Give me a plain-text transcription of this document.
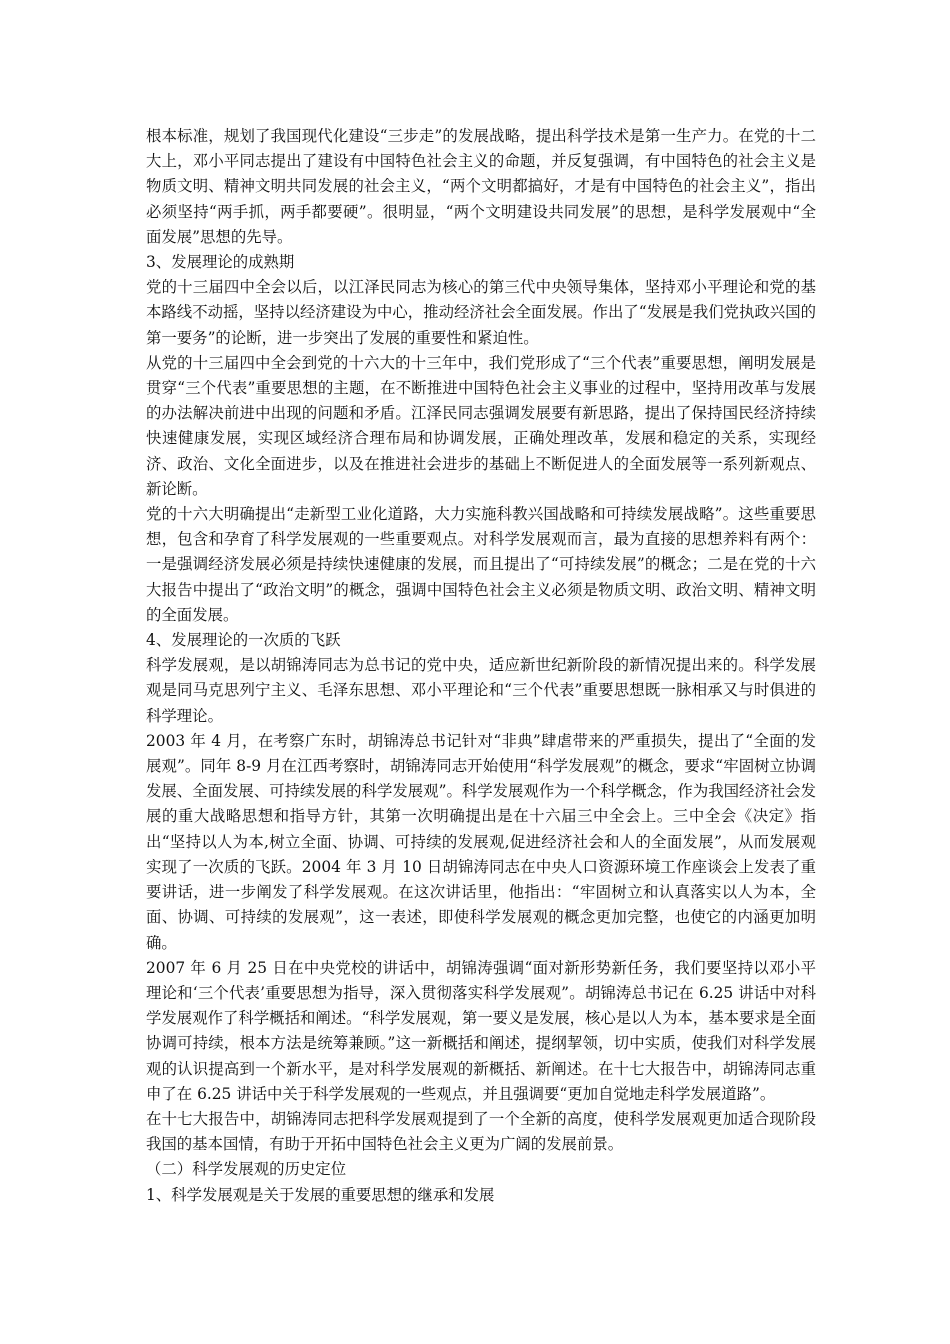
根本标准，规划了我国现代化建设“三步走”的发展战略，提出科学技术是第一生产力。在党的十二大上，邓小平同志提出了建设有中国特色社会主义的命题，并反复强调，有中国特色的社会主义是物质文明、精神文明共同发展的社会主义，“两个文明都搞好，才是有中国特色的社会主义”，指出必须坚持“两手抓，两手都要硬”。很明显，“两个文明建设共同发展”的思想，是科学发展观中“全面发展”思想的先导。

3、发展理论的成熟期

党的十三届四中全会以后，以江泽民同志为核心的第三代中央领导集体，坚持邓小平理论和党的基本路线不动摇，坚持以经济建设为中心，推动经济社会全面发展。作出了“发展是我们党执政兴国的第一要务”的论断，进一步突出了发展的重要性和紧迫性。

从党的十三届四中全会到党的十六大的十三年中，我们党形成了“三个代表”重要思想，阐明发展是贯穿“三个代表”重要思想的主题，在不断推进中国特色社会主义事业的过程中，坚持用改革与发展的办法解决前进中出现的问题和矛盾。江泽民同志强调发展要有新思路，提出了保持国民经济持续快速健康发展，实现区域经济合理布局和协调发展，正确处理改革，发展和稳定的关系，实现经济、政治、文化全面进步，以及在推进社会进步的基础上不断促进人的全面发展等一系列新观点、新论断。

党的十六大明确提出“走新型工业化道路，大力实施科教兴国战略和可持续发展战略”。这些重要思想，包含和孕育了科学发展观的一些重要观点。对科学发展观而言，最为直接的思想养料有两个：一是强调经济发展必须是持续快速健康的发展，而且提出了“可持续发展”的概念；二是在党的十六大报告中提出了“政治文明”的概念，强调中国特色社会主义必须是物质文明、政治文明、精神文明的全面发展。

4、发展理论的一次质的飞跃

科学发展观，是以胡锦涛同志为总书记的党中央，适应新世纪新阶段的新情况提出来的。科学发展观是同马克思列宁主义、毛泽东思想、邓小平理论和“三个代表”重要思想既一脉相承又与时俱进的科学理论。

2003 年 4 月，在考察广东时，胡锦涛总书记针对“非典”肆虐带来的严重损失，提出了“全面的发展观”。同年 8-9 月在江西考察时，胡锦涛同志开始使用“科学发展观”的概念，要求“牢固树立协调发展、全面发展、可持续发展的科学发展观”。科学发展观作为一个科学概念，作为我国经济社会发展的重大战略思想和指导方针，其第一次明确提出是在十六届三中全会上。三中全会《决定》指出“坚持以人为本,树立全面、协调、可持续的发展观,促进经济社会和人的全面发展”，从而发展观实现了一次质的飞跃。2004 年 3 月 10 日胡锦涛同志在中央人口资源环境工作座谈会上发表了重要讲话，进一步阐发了科学发展观。在这次讲话里，他指出：“牢固树立和认真落实以人为本，全面、协调、可持续的发展观”，这一表述，即使科学发展观的概念更加完整，也使它的内涵更加明确。

2007 年 6 月 25 日在中央党校的讲话中，胡锦涛强调“面对新形势新任务，我们要坚持以邓小平理论和‘三个代表’重要思想为指导，深入贯彻落实科学发展观”。胡锦涛总书记在 6.25 讲话中对科学发展观作了科学概括和阐述。“科学发展观，第一要义是发展，核心是以人为本，基本要求是全面协调可持续，根本方法是统筹兼顾。”这一新概括和阐述，提纲挈领，切中实质，使我们对科学发展观的认识提高到一个新水平，是对科学发展观的新概括、新阐述。在十七大报告中，胡锦涛同志重申了在 6.25 讲话中关于科学发展观的一些观点，并且强调要“更加自觉地走科学发展道路”。

在十七大报告中，胡锦涛同志把科学发展观提到了一个全新的高度，使科学发展观更加适合现阶段我国的基本国情，有助于开拓中国特色社会主义更为广阔的发展前景。

（二）科学发展观的历史定位

1、科学发展观是关于发展的重要思想的继承和发展
